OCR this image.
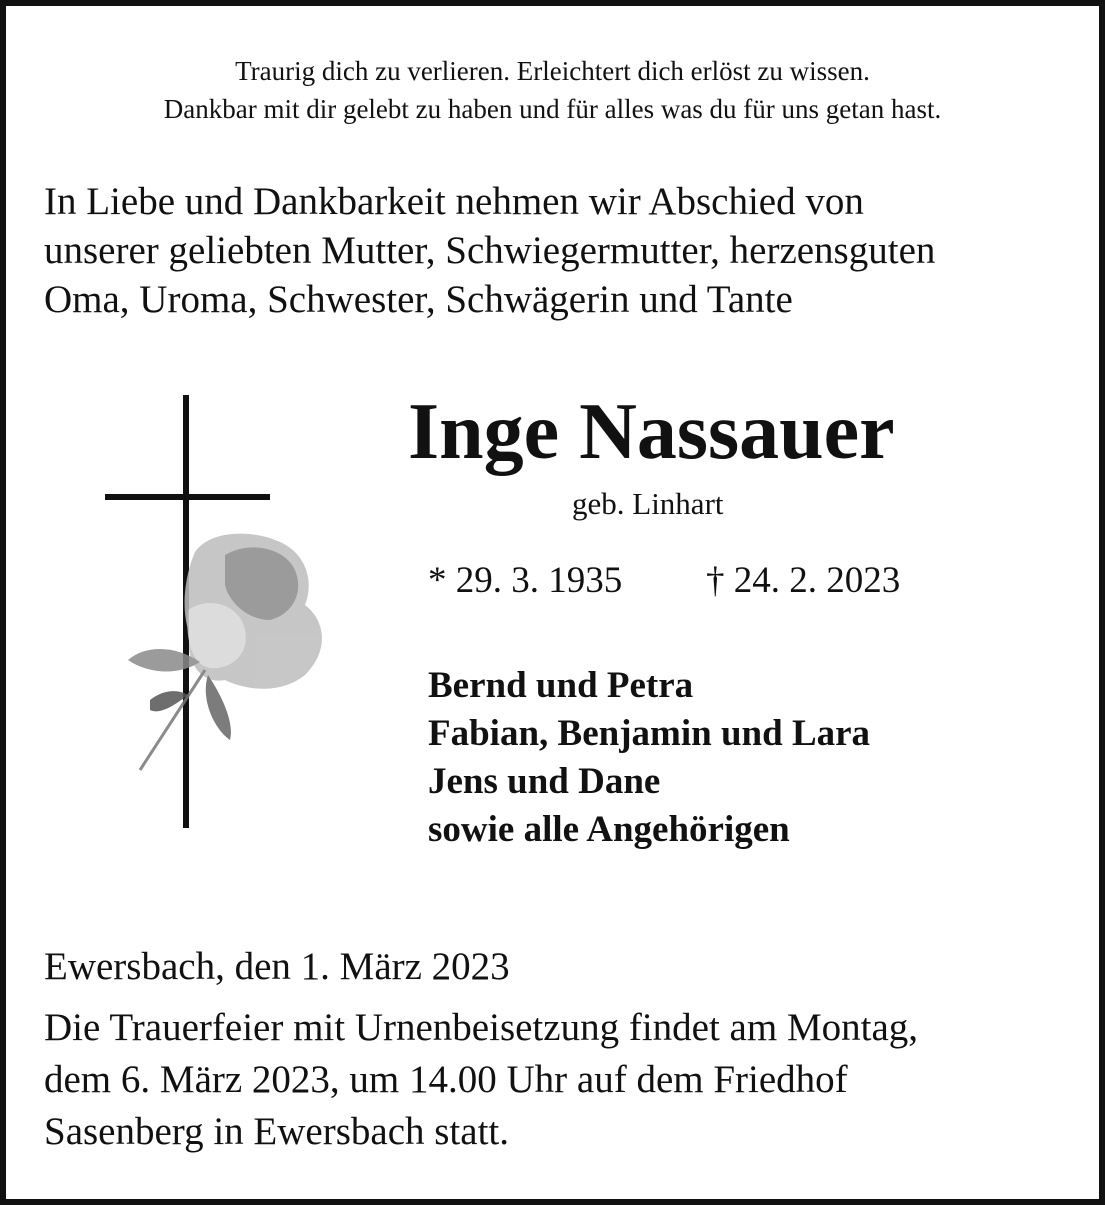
Traurig dich zu verlieren. Erleichtert dich erlöst zu wissen.
Dankbar mit dir gelebt zu haben und für alles was du für uns getan hast.
In Liebe und Dankbarkeit nehmen wir Abschied von
unserer geliebten Mutter, Schwiegermutter, herzensguten
Oma, Uroma, Schwester, Schwägerin und Tante
Inge Nassauer
geb. Linhart
* 29. 3. 1935 † 24. 2. 2023
Bernd und Petra
Fabian, Benjamin und Lara
Jens und Dane
sowie alle Angehörigen
Ewersbach, den 1. März 2023
Die Trauerfeier mit Urnenbeisetzung findet am Montag,
dem 6. März 2023, um 14.00 Uhr auf dem Friedhof
Sasenberg in Ewersbach statt.
